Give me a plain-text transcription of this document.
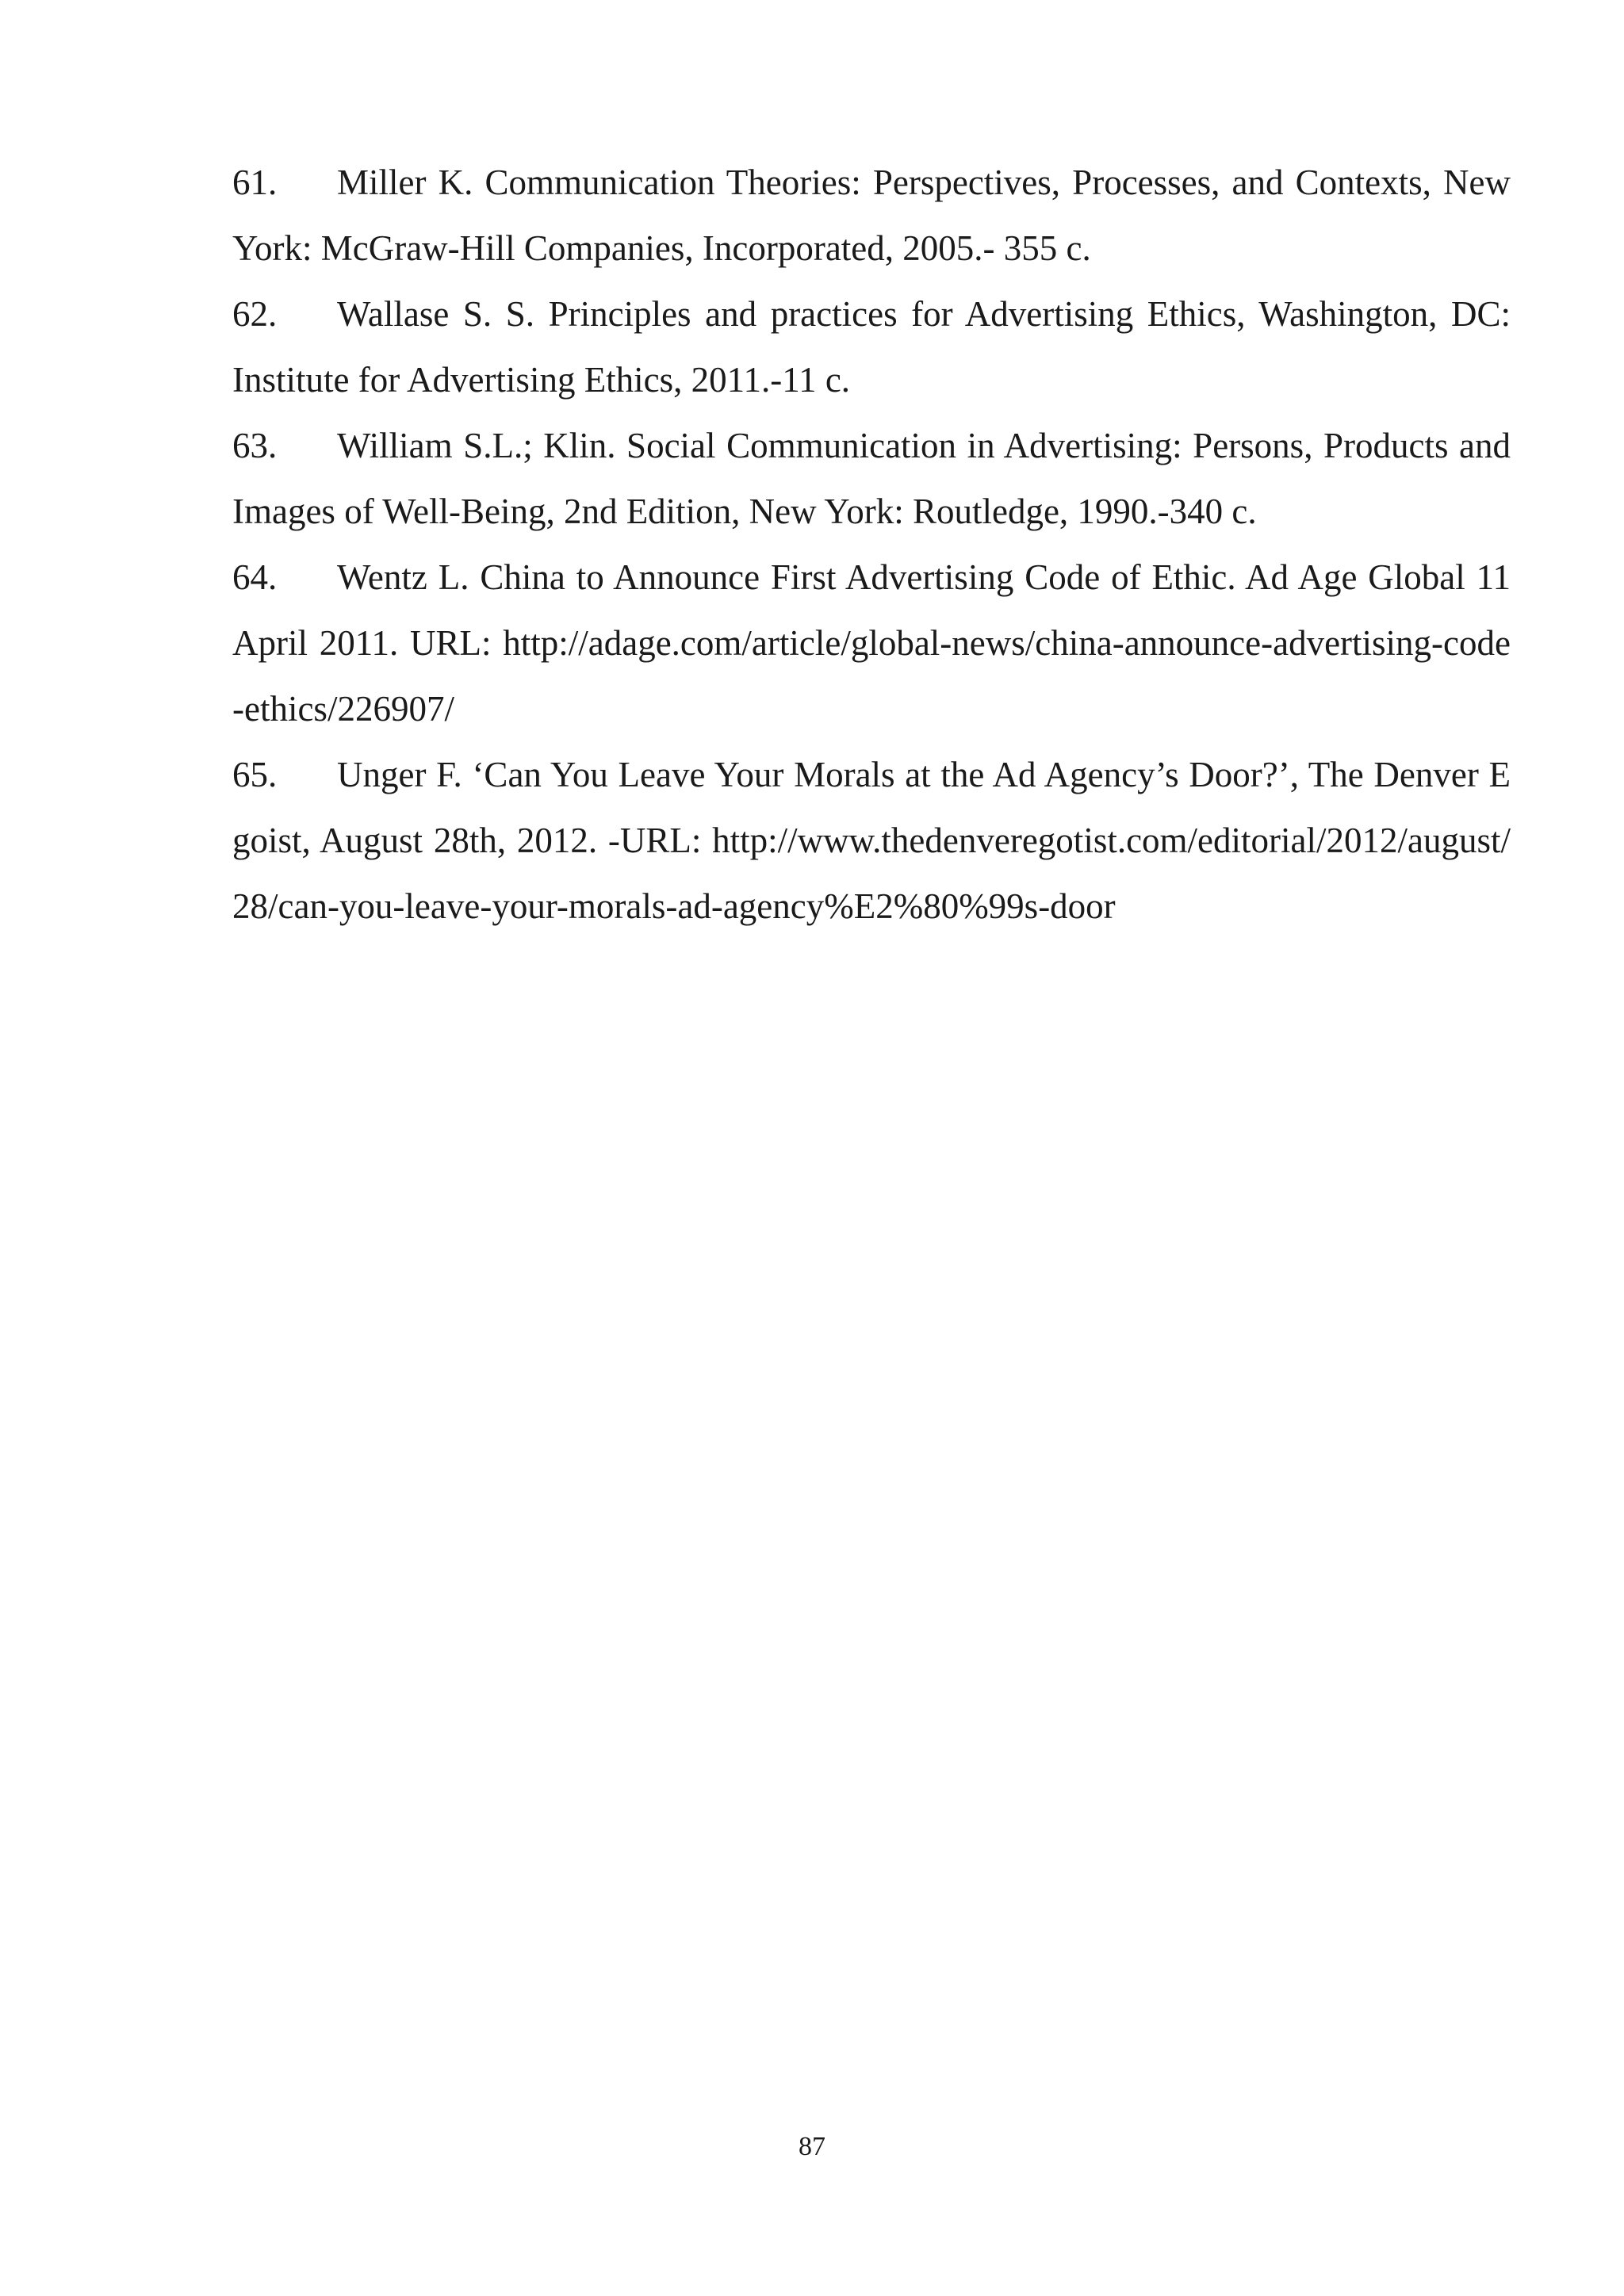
61. Miller K. Communication Theories: Perspectives, Processes, and Contexts, New York: McGraw-Hill Companies, Incorporated, 2005.- 355 c.

62. Wallase S. S. Principles and practices for Advertising Ethics, Washington, DC: Institute for Advertising Ethics, 2011.-11 c.

63. William S.L.; Klin. Social Communication in Advertising: Persons, Products and Images of Well-Being, 2nd Edition, New York: Routledge, 1990.-340 c.

64. Wentz L. China to Announce First Advertising Code of Ethic. Ad Age Global 11 April 2011. URL: http://adage.com/article/global-news/china-announce-advertising-code-ethics/226907/

65. Unger F. ‘Can You Leave Your Morals at the Ad Agency’s Door?’, The Denver Egoist, August 28th, 2012. -URL: http://www.thedenveregotist.com/editorial/2012/august/28/can-you-leave-your-morals-ad-agency%E2%80%99s-door

87
